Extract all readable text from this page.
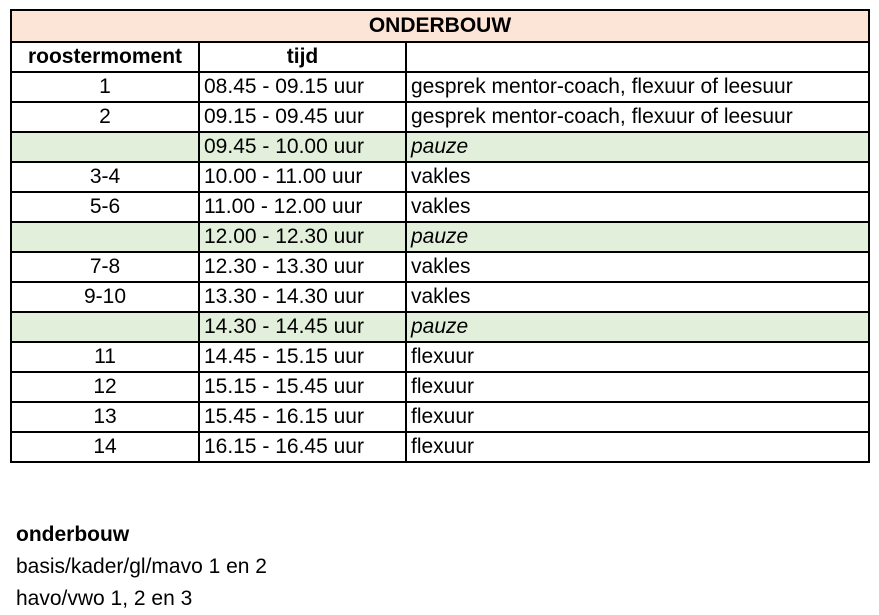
ONDERBOUW		
roostermoment	tijd	
1	08.45 - 09.15 uur	gesprek mentor-coach, flexuur of leesuur
2	09.15 - 09.45 uur	gesprek mentor-coach, flexuur of leesuur
	09.45 - 10.00 uur	pauze
3-4	10.00 - 11.00 uur	vakles
5-6	11.00 - 12.00 uur	vakles
	12.00 - 12.30 uur	pauze
7-8	12.30 - 13.30 uur	vakles
9-10	13.30 - 14.30 uur	vakles
	14.30 - 14.45 uur	pauze
11	14.45 - 15.15 uur	flexuur
12	15.15 - 15.45 uur	flexuur
13	15.45 - 16.15 uur	flexuur
14	16.15 - 16.45 uur	flexuur
onderbouw
basis/kader/gl/mavo 1 en 2
havo/vwo 1, 2 en 3
